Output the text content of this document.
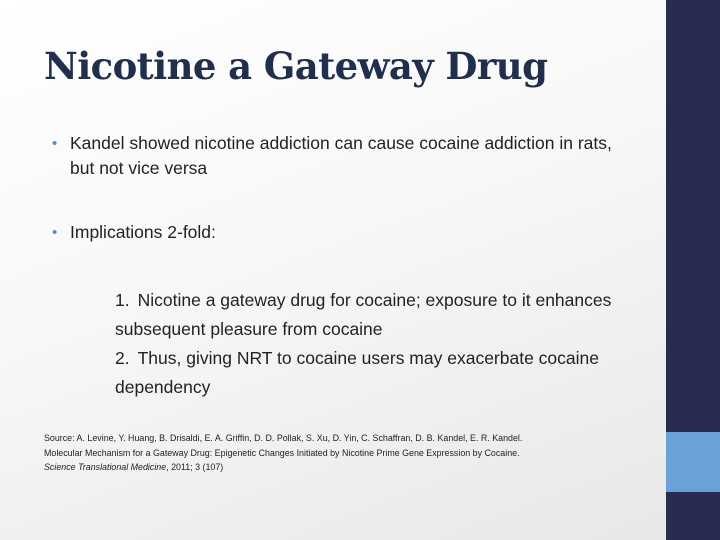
Nicotine a Gateway Drug
• Kandel showed nicotine addiction can cause cocaine addiction in rats, but not vice versa
• Implications 2-fold:

1. Nicotine a gateway drug for cocaine; exposure to it enhances subsequent pleasure from cocaine

2. Thus, giving NRT to cocaine users may exacerbate cocaine dependency

Source: A. Levine, Y. Huang, B. Drisaldi, E. A. Griffin, D. D. Pollak, S. Xu, D. Yin, C. Schaffran, D. B. Kandel, E. R. Kandel.

Molecular Mechanism for a Gateway Drug: Epigenetic Changes Initiated by Nicotine Prime Gene Expression by Cocaine.

Science Translational Medicine, 2011; 3 (107)
